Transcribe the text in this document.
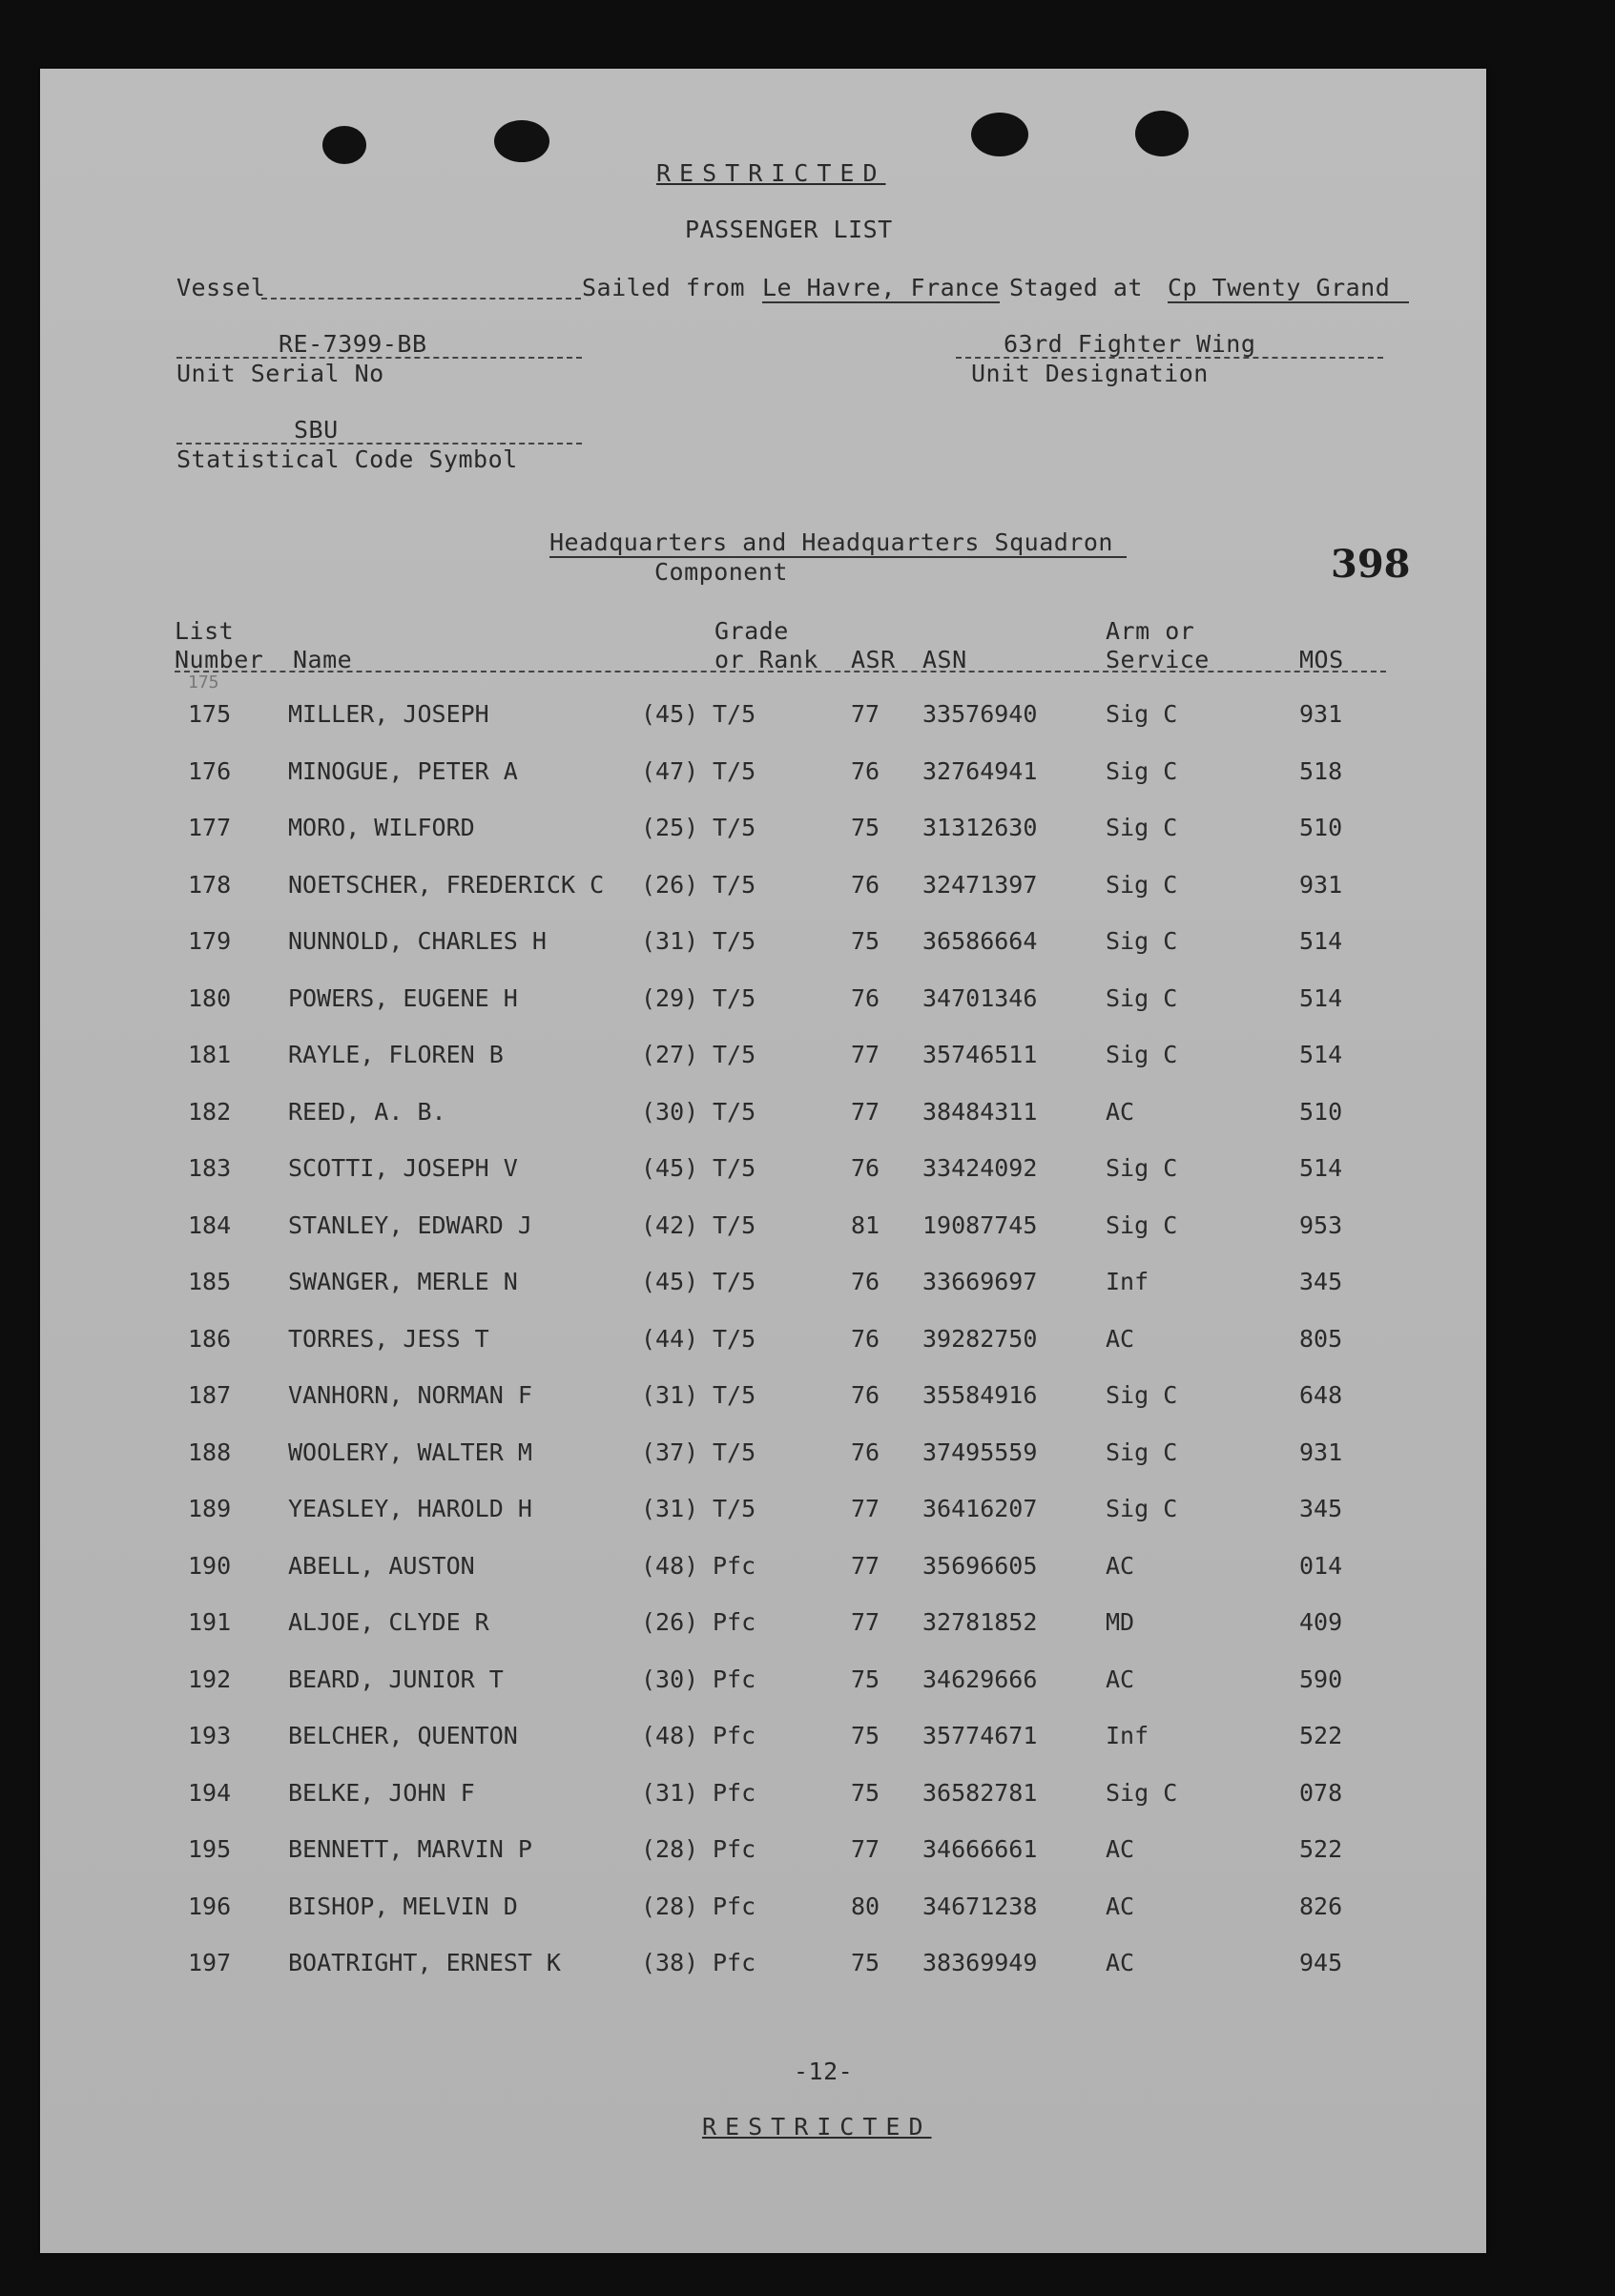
RESTRICTED
PASSENGER LIST
Vessel	Sailed from Le Havre, France Staged at Cp Twenty Grand
RE-7399-BB
Unit Serial No
63rd Fighter Wing
Unit Designation
SBU
Statistical Code Symbol
Headquarters and Headquarters Squadron
Component	398
List
Number Name
Grade
or Rank ASR ASN
Arm or
Service	MOS
175
175 MILLER, JOSEPH	(45) T/5	77 33576940	Sig C	931
176 MINOGUE, PETER A	(47) T/5	76 32764941	Sig C	518
177 MORO, WILFORD	(25) T/5	75 31312630	Sig C	510
178 NOETSCHER, FREDERICK C (26) T/5	76 32471397	Sig C	931
179 NUNNOLD, CHARLES H	(31) T/5	75 36586664	Sig C	514
180 POWERS, EUGENE H	(29) T/5	76 34701346	Sig C	514
181 RAYLE, FLOREN B	(27) T/5	77 35746511	Sig C	514
182 REED, A. B.	(30) T/5	77 38484311	AC	510
183 SCOTTI, JOSEPH V	(45) T/5	76 33424092	Sig C	514
184 STANLEY, EDWARD J	(42) T/5	81 19087745	Sig C	953
185 SWANGER, MERLE N	(45) T/5	76 33669697	Inf	345
186 TORRES, JESS T	(44) T/5	76 39282750	AC	805
187 VANHORN, NORMAN F	(31) T/5	76 35584916	Sig C	648
188 WOOLERY, WALTER M	(37) T/5	76 37495559	Sig C	931
189 YEASLEY, HAROLD H	(31) T/5	77 36416207	Sig C	345
190 ABELL, AUSTON	(48) Pfc	77 35696605	AC	014
191 ALJOE, CLYDE R	(26) Pfc	77 32781852	MD	409
192 BEARD, JUNIOR T	(30) Pfc	75 34629666	AC	590
193 BELCHER, QUENTON	(48) Pfc	75 35774671	Inf	522
194 BELKE, JOHN F	(31) Pfc	75 36582781	Sig C	078
195 BENNETT, MARVIN P	(28) Pfc	77 34666661	AC	522
196 BISHOP, MELVIN D	(28) Pfc	80 34671238	AC	826
197 BOATRIGHT, ERNEST K	(38) Pfc	75 38369949	AC	945
-12-
RESTRICTED
